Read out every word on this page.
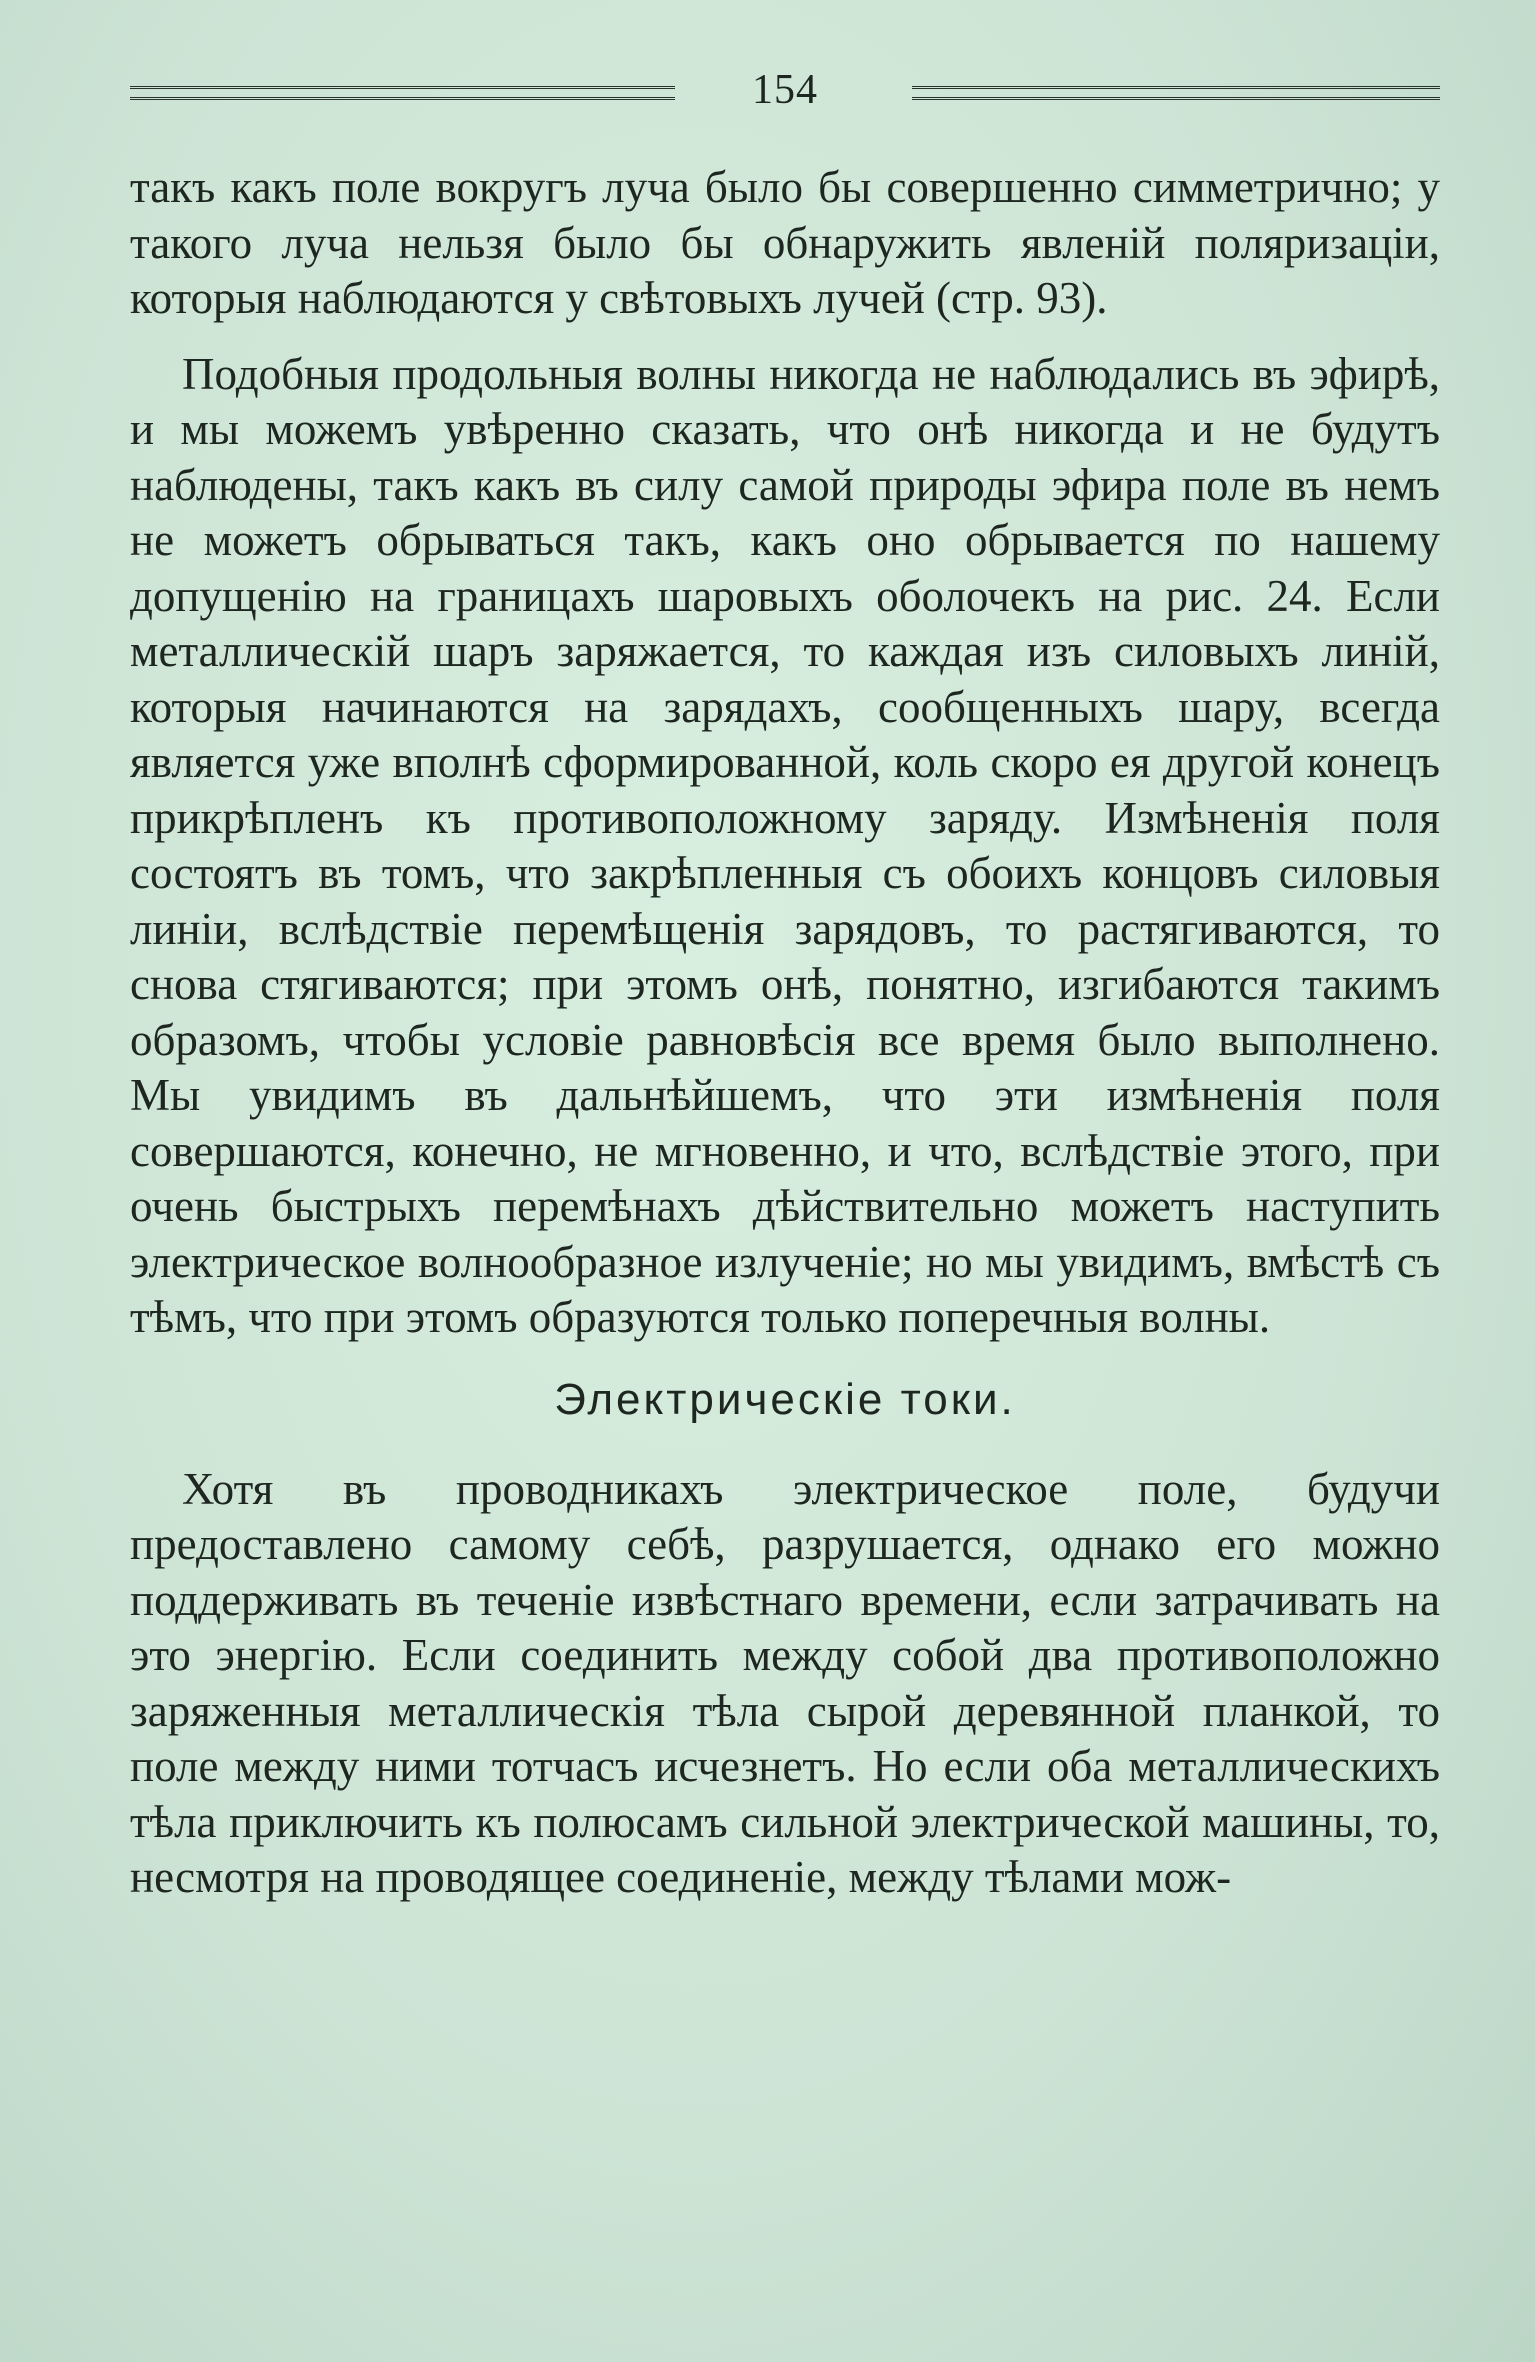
154

такъ какъ поле вокругъ луча было бы совершенно симметрично; у такого луча нельзя было бы обнаружить явленій поляризаціи, которыя наблюдаются у свѣтовыхъ лучей (стр. 93).

Подобныя продольныя волны никогда не наблюдались въ эфирѣ, и мы можемъ увѣренно сказать, что онѣ никогда и не будутъ наблюдены, такъ какъ въ силу самой природы эфира поле въ немъ не можетъ обрываться такъ, какъ оно обрывается по нашему допущенію на границахъ шаровыхъ оболочекъ на рис. 24. Если металлическій шаръ заряжается, то каждая изъ силовыхъ линій, которыя начинаются на зарядахъ, сообщенныхъ шару, всегда является уже вполнѣ сформированной, коль скоро ея другой конецъ прикрѣпленъ къ противоположному заряду. Измѣненія поля состоятъ въ томъ, что закрѣпленныя съ обоихъ концовъ силовыя линіи, вслѣдствіе перемѣщенія зарядовъ, то растягиваются, то снова стягиваются; при этомъ онѣ, понятно, изгибаются такимъ образомъ, чтобы условіе равновѣсія все время было выполнено. Мы увидимъ въ дальнѣйшемъ, что эти измѣненія поля совершаются, конечно, не мгновенно, и что, вслѣдствіе этого, при очень быстрыхъ перемѣнахъ дѣйствительно можетъ наступить электрическое волнообразное излученіе; но мы увидимъ, вмѣстѣ съ тѣмъ, что при этомъ образуются только поперечныя волны.

Электрическіе токи.

Хотя въ проводникахъ электрическое поле, будучи предоставлено самому себѣ, разрушается, однако его можно поддерживать въ теченіе извѣстнаго времени, если затрачивать на это энергію. Если соединить между собой два противоположно заряженныя металлическія тѣла сырой деревянной планкой, то поле между ними тотчасъ исчезнетъ. Но если оба металлическихъ тѣла приключить къ полюсамъ сильной электрической машины, то, несмотря на проводящее соединеніе, между тѣлами мож-
